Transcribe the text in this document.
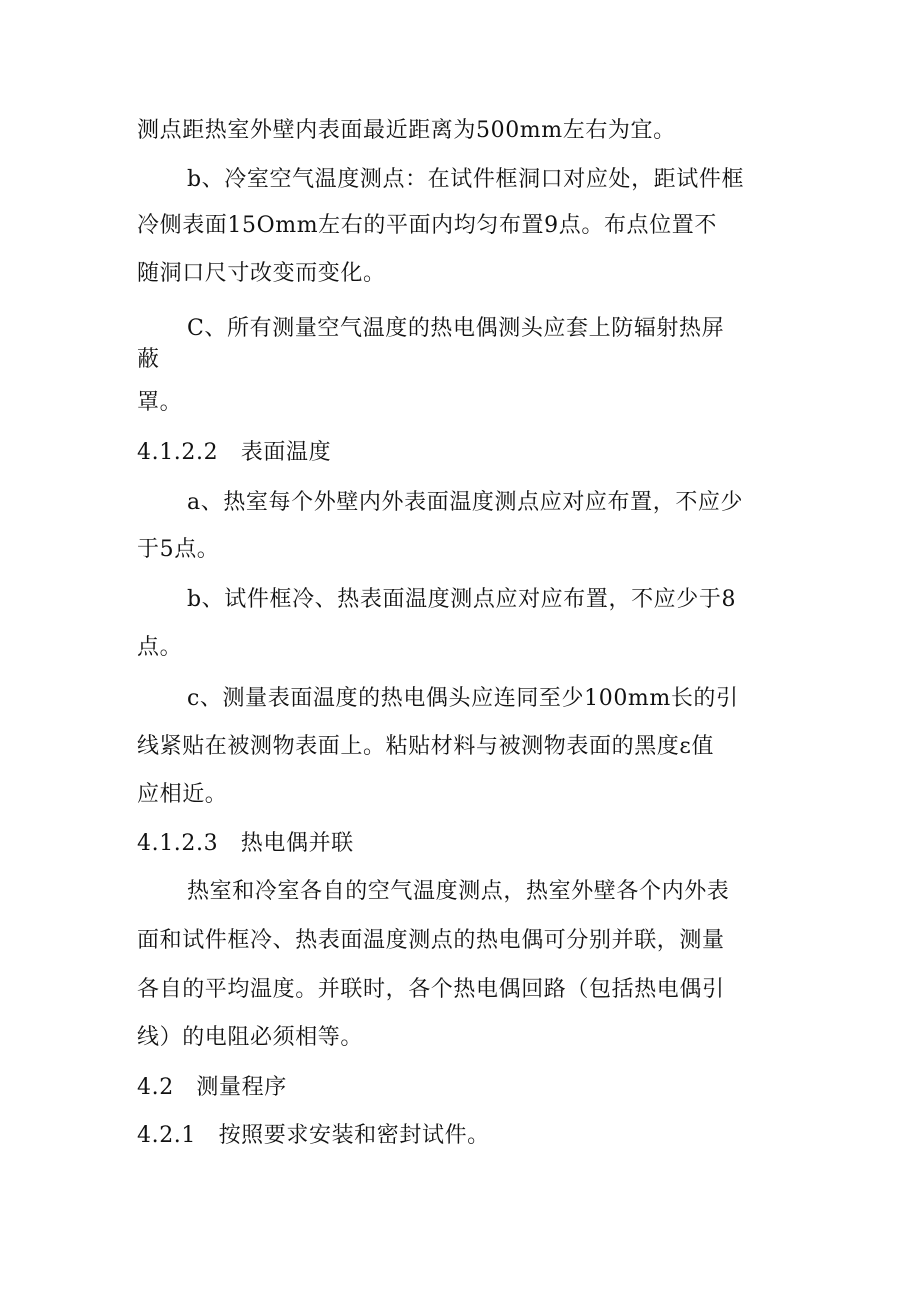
测点距热室外壁内表面最近距离为500mm左右为宜。
b、冷室空气温度测点：在试件框洞口对应处，距试件框
冷侧表面15Omm左右的平面内均匀布置9点。布点位置不
随洞口尺寸改变而变化。
C、所有测量空气温度的热电偶测头应套上防辐射热屏
蔽
罩。
4.1.2.2　表面温度
a、热室每个外壁内外表面温度测点应对应布置，不应少
于5点。
b、试件框冷、热表面温度测点应对应布置，不应少于8
点。
c、测量表面温度的热电偶头应连同至少100mm长的引
线紧贴在被测物表面上。粘贴材料与被测物表面的黑度ε值
应相近。
4.1.2.3　热电偶并联
热室和冷室各自的空气温度测点，热室外壁各个内外表
面和试件框冷、热表面温度测点的热电偶可分别并联，测量
各自的平均温度。并联时，各个热电偶回路（包括热电偶引
线）的电阻必须相等。
4.2　测量程序
4.2.1　按照要求安装和密封试件。
